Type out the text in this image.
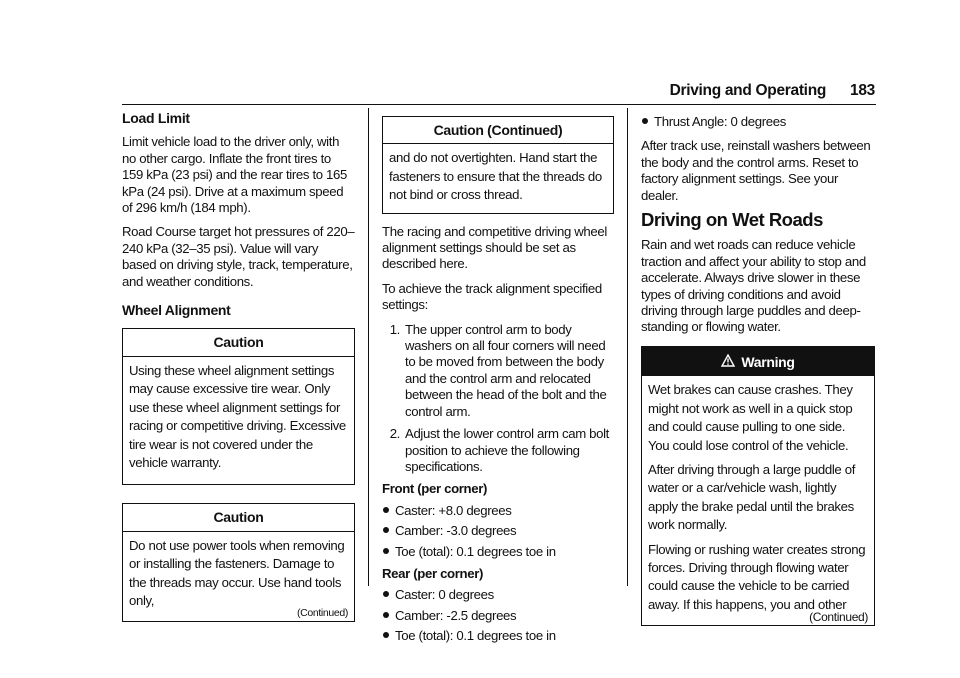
Driving and Operating 183
Load Limit

Limit vehicle load to the driver only, with no other cargo. Inflate the front tires to 159 kPa (23 psi) and the rear tires to 165 kPa (24 psi). Drive at a maximum speed of 296 km/h (184 mph).

Road Course target hot pressures of 220–240 kPa (32–35 psi). Value will vary based on driving style, track, temperature, and weather conditions.

Wheel Alignment
Caution

Using these wheel alignment settings may cause excessive tire wear. Only use these wheel alignment settings for racing or competitive driving. Excessive tire wear is not covered under the vehicle warranty.

Caution

Do not use power tools when removing or installing the fasteners. Damage to the threads may occur. Use hand tools only,

(Continued)
Caution (Continued)

and do not overtighten. Hand start the fasteners to ensure that the threads do not bind or cross thread.

The racing and competitive driving wheel alignment settings should be set as described here.

To achieve the track alignment specified settings:

1. The upper control arm to body washers on all four corners will need to be moved from between the body and the control arm and relocated between the head of the bolt and the control arm.
2. Adjust the lower control arm cam bolt position to achieve the following specifications.
Front (per corner)
Caster: +8.0 degrees
Camber: -3.0 degrees
Toe (total): 0.1 degrees toe in
Rear (per corner)
Caster: 0 degrees
Camber: -2.5 degrees
Toe (total): 0.1 degrees toe in
Thrust Angle: 0 degrees

After track use, reinstall washers between the body and the control arms. Reset to factory alignment settings. See your dealer.

Driving on Wet Roads

Rain and wet roads can reduce vehicle traction and affect your ability to stop and accelerate. Always drive slower in these types of driving conditions and avoid driving through large puddles and deep-standing or flowing water.

Warning

Wet brakes can cause crashes. They might not work as well in a quick stop and could cause pulling to one side. You could lose control of the vehicle.

After driving through a large puddle of water or a car/vehicle wash, lightly apply the brake pedal until the brakes work normally.

Flowing or rushing water creates strong forces. Driving through flowing water could cause the vehicle to be carried away. If this happens, you and other

(Continued)
